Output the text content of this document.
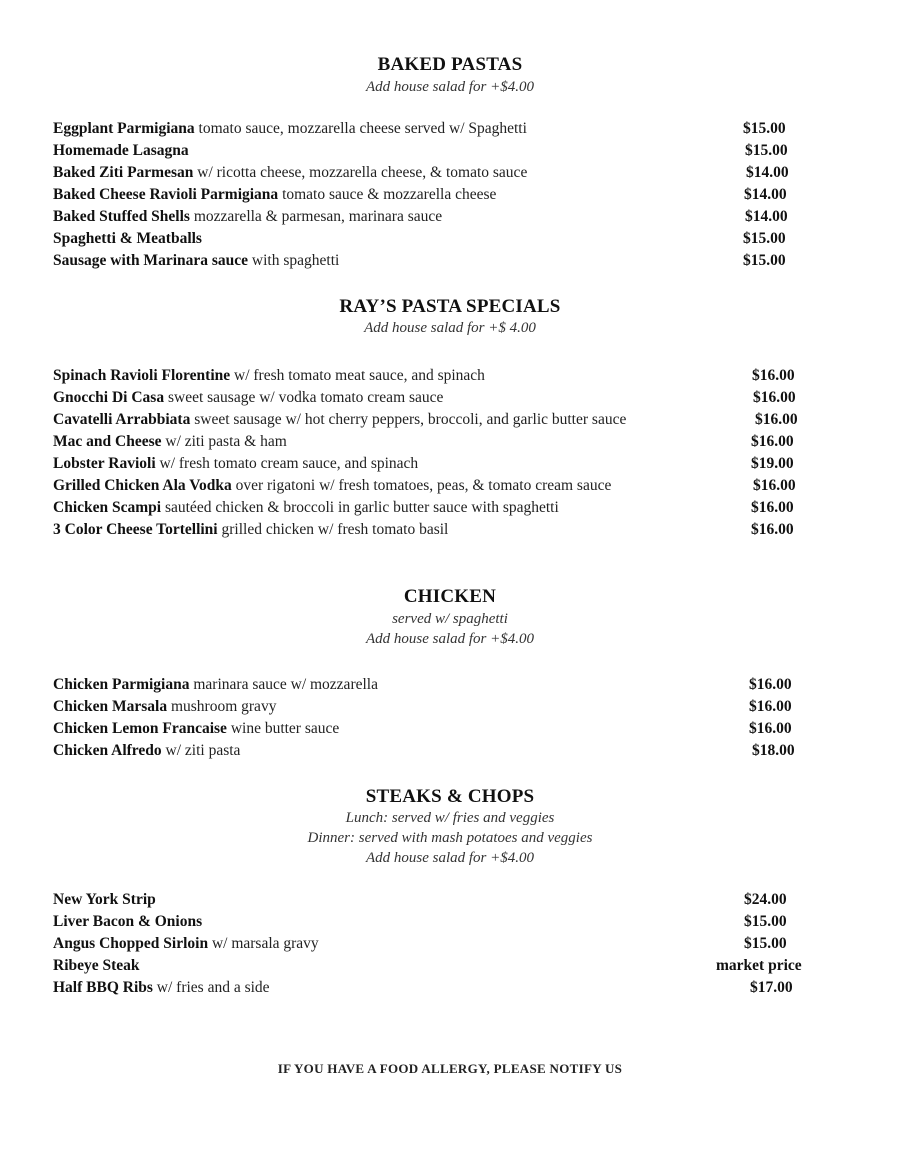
BAKED PASTAS
Add house salad for +$4.00
Eggplant Parmigiana tomato sauce, mozzarella cheese served w/ Spaghetti	$15.00
Homemade Lasagna	$15.00
Baked Ziti Parmesan w/ ricotta cheese, mozzarella cheese, & tomato sauce	$14.00
Baked Cheese Ravioli Parmigiana tomato sauce & mozzarella cheese	$14.00
Baked Stuffed Shells mozzarella & parmesan, marinara sauce	$14.00
Spaghetti & Meatballs	$15.00
Sausage with Marinara sauce with spaghetti	$15.00
RAY’S PASTA SPECIALS
Add house salad for +$ 4.00
Spinach Ravioli Florentine w/ fresh tomato meat sauce, and spinach	$16.00
Gnocchi Di Casa sweet sausage w/ vodka tomato cream sauce	$16.00
Cavatelli Arrabbiata sweet sausage w/ hot cherry peppers, broccoli, and garlic butter sauce	$16.00
Mac and Cheese w/ ziti pasta & ham	$16.00
Lobster Ravioli w/ fresh tomato cream sauce, and spinach	$19.00
Grilled Chicken Ala Vodka over rigatoni w/ fresh tomatoes, peas, & tomato cream sauce	$16.00
Chicken Scampi sautéed chicken & broccoli in garlic butter sauce with spaghetti	$16.00
3 Color Cheese Tortellini grilled chicken w/ fresh tomato basil	$16.00
CHICKEN
served w/ spaghetti
Add house salad for +$4.00
Chicken Parmigiana marinara sauce w/ mozzarella	$16.00
Chicken Marsala mushroom gravy	$16.00
Chicken Lemon Francaise wine butter sauce	$16.00
Chicken Alfredo w/ ziti pasta	$18.00
STEAKS & CHOPS
Lunch: served w/ fries and veggies
Dinner: served with mash potatoes and veggies
Add house salad for +$4.00
New York Strip	$24.00
Liver Bacon & Onions	$15.00
Angus Chopped Sirloin w/ marsala gravy	$15.00
Ribeye Steak	market price
Half BBQ Ribs w/ fries and a side	$17.00
IF YOU HAVE A FOOD ALLERGY, PLEASE NOTIFY US
